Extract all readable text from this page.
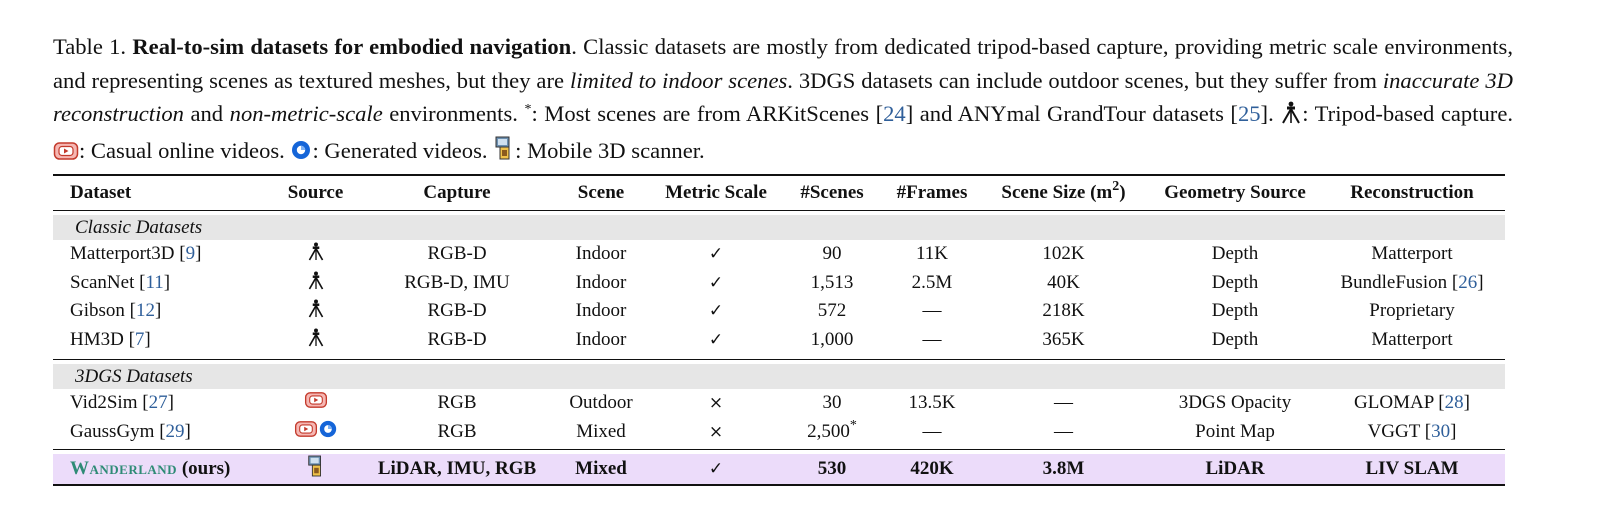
Table 1. Real-to-sim datasets for embodied navigation. Classic datasets are mostly from dedicated tripod-based capture, providing metric scale environments, and representing scenes as textured meshes, but they are limited to indoor scenes. 3DGS datasets can include outdoor scenes, but they suffer from inaccurate 3D reconstruction and non-metric-scale environments. *: Most scenes are from ARKitScenes [24] and ANYmal GrandTour datasets [25]. : Tripod-based capture. : Casual online videos. : Generated videos. : Mobile 3D scanner.
Dataset	Source	Capture	Scene	Metric Scale	#Scenes	#Frames	Scene Size $(m^2)$	Geometry Source	Reconstruction

Classic Datasets									
Matterport3D [9]		RGB-D	Indoor	✓	90	11K	102K	Depth	Matterport
ScanNet [11]		RGB-D, IMU	Indoor	✓	1,513	2.5M	40K	Depth	BundleFusion [26]
Gibson [12]		RGB-D	Indoor	✓	572	—	218K	Depth	Proprietary
HM3D [7]		RGB-D	Indoor	✓	1,000	—	365K	Depth	Matterport

3DGS Datasets									
Vid2Sim [27]		RGB	Outdoor	×	30	13.5K	—	3DGS Opacity	GLOMAP [28]
GaussGym [29]		RGB	Mixed	×	2,500*	—	—	Point Map	VGGT [30]

Wanderland (ours)		LiDAR, IMU, RGB	Mixed	✓	530	420K	3.8M	LiDAR	LIV SLAM
